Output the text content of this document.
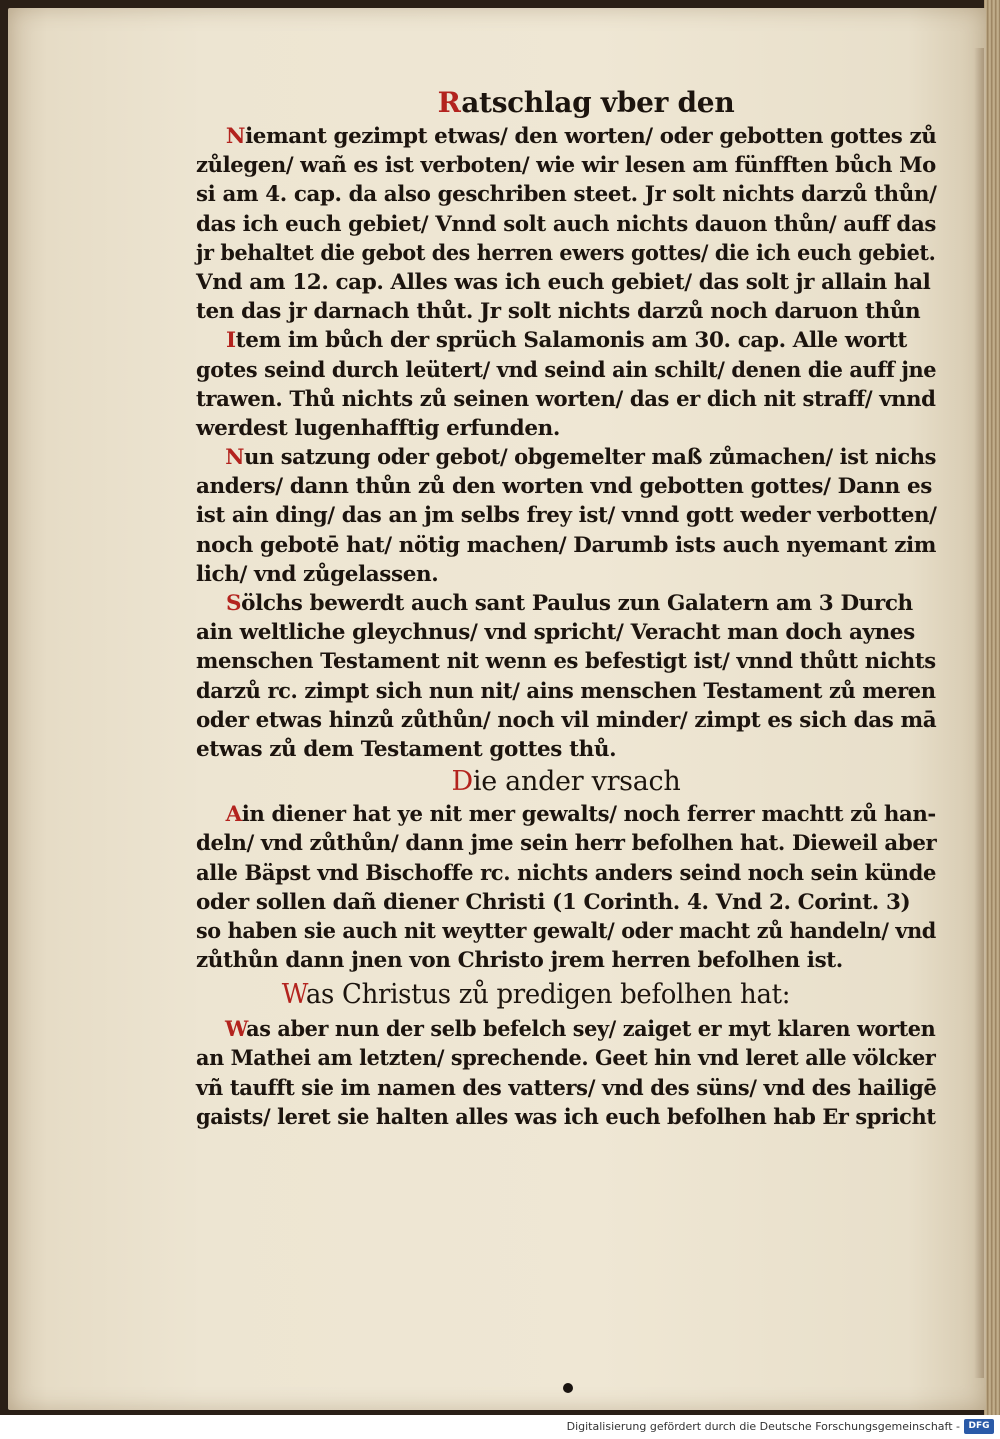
Ratschlag vber den
Niemant gezimpt etwas/ den worten/ oder gebotten gottes zů
zůlegen/ wañ es ist verboten/ wie wir lesen am fünfften bůch Mo
si am 4. cap. da also geschriben steet. Jr solt nichts darzů thůn/
das ich euch gebiet/ Vnnd solt auch nichts dauon thůn/ auff das
jr behaltet die gebot des herren ewers gottes/ die ich euch gebiet.
Vnd am 12. cap. Alles was ich euch gebiet/ das solt jr allain hal
ten das jr darnach thůt. Jr solt nichts darzů noch daruon thůn
Item im bůch der sprüch Salamonis am 30. cap. Alle wortt
gotes seind durch leütert/ vnd seind ain schilt/ denen die auff jne
trawen. Thů nichts zů seinen worten/ das er dich nit straff/ vnnd
werdest lugenhafftig erfunden.
Nun satzung oder gebot/ obgemelter maß zůmachen/ ist nichs
anders/ dann thůn zů den worten vnd gebotten gottes/ Dann es
ist ain ding/ das an jm selbs frey ist/ vnnd gott weder verbotten/
noch gebotē hat/ nötig machen/ Darumb ists auch nyemant zim
lich/ vnd zůgelassen.
Sölchs bewerdt auch sant Paulus zun Galatern am 3 Durch
ain weltliche gleychnus/ vnd spricht/ Veracht man doch aynes
menschen Testament nit wenn es befestigt ist/ vnnd thůtt nichts
darzů rc. zimpt sich nun nit/ ains menschen Testament zů meren
oder etwas hinzů zůthůn/ noch vil minder/ zimpt es sich das mā
etwas zů dem Testament gottes thů.
Die ander vrsach
Ain diener hat ye nit mer gewalts/ noch ferrer machtt zů han-
deln/ vnd zůthůn/ dann jme sein herr befolhen hat. Dieweil aber
alle Bäpst vnd Bischoffe rc. nichts anders seind noch sein künde
oder sollen dañ diener Christi (1 Corinth. 4. Vnd 2. Corint. 3)
so haben sie auch nit weytter gewalt/ oder macht zů handeln/ vnd
zůthůn dann jnen von Christo jrem herren befolhen ist.
Was Christus zů predigen befolhen hat:
Was aber nun der selb befelch sey/ zaiget er myt klaren worten
an Mathei am letzten/ sprechende. Geet hin vnd leret alle völcker
vñ taufft sie im namen des vatters/ vnd des süns/ vnd des hailigē
gaists/ leret sie halten alles was ich euch befolhen hab Er spricht
Digitalisierung gefördert durch die Deutsche Forschungsgemeinschaft - DFG
